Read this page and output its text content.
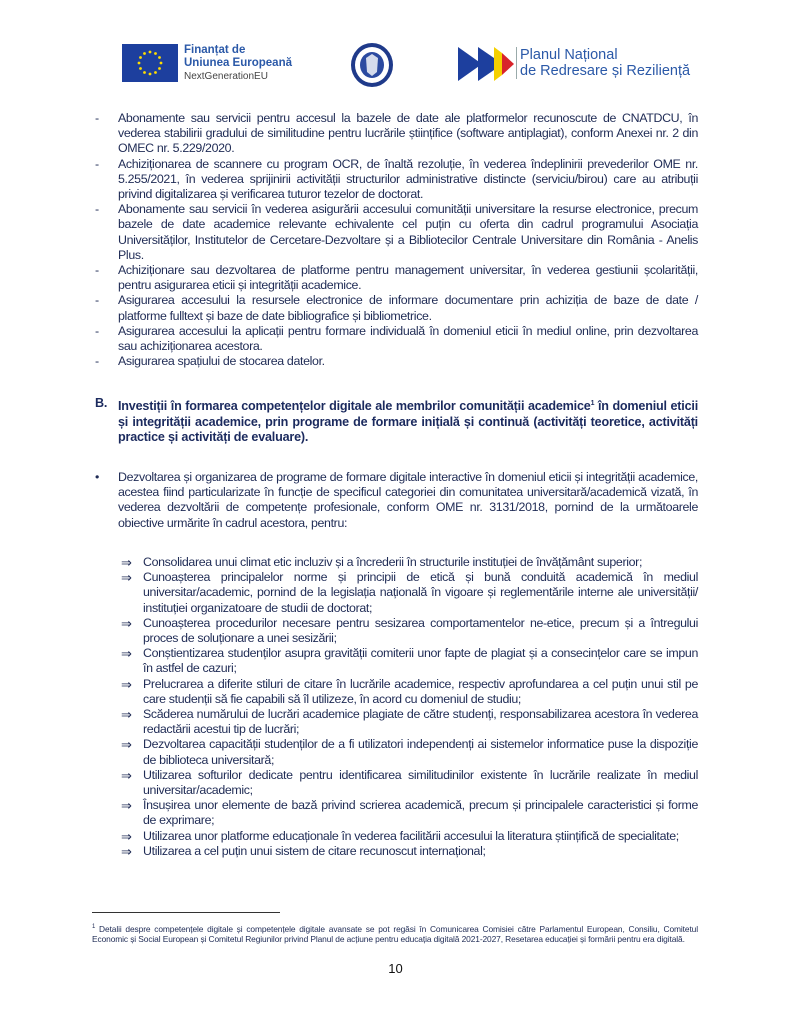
Finanțat de
Uniunea Europeană
NextGenerationEU
Planul Național
de Redresare și Reziliență
- Abonamente sau servicii pentru accesul la bazele de date ale platformelor recunoscute de CNATDCU, în vederea stabilirii gradului de similitudine pentru lucrările științifice (software antiplagiat), conform Anexei nr. 2 din OMEC nr. 5.229/2020.
- Achiziționarea de scannere cu program OCR, de înaltă rezoluție, în vederea îndeplinirii prevederilor OME nr. 5.255/2021, în vederea sprijinirii activității structurilor administrative distincte (serviciu/birou) care au atribuții privind digitalizarea și verificarea tuturor tezelor de doctorat.
- Abonamente sau servicii în vederea asigurării accesului comunității universitare la resurse electronice, precum bazele de date academice relevante echivalente cel puțin cu oferta din cadrul programului Asociația Universităților, Institutelor de Cercetare-Dezvoltare și a Bibliotecilor Centrale Universitare din România - Anelis Plus.
- Achiziționare sau dezvoltarea de platforme pentru management universitar, în vederea gestiunii școlarității, pentru asigurarea eticii și integrității academice.
- Asigurarea accesului la resursele electronice de informare documentare prin achiziția de baze de date / platforme fulltext și baze de date bibliografice și bibliometrice.
- Asigurarea accesului la aplicații pentru formare individuală în domeniul eticii în mediul online, prin dezvoltarea sau achiziționarea acestora.
- Asigurarea spațiului de stocarea datelor.
B. Investiții în formarea competențelor digitale ale membrilor comunității academice$^1$ în domeniul eticii și integrității academice, prin programe de formare inițială și continuă (activități teoretice, activități practice și activități de evaluare).
•	Dezvoltarea și organizarea de programe de formare digitale interactive în domeniul eticii și integrității academice, acestea fiind particularizate în funcție de specificul categoriei din comunitatea universitară/academică vizată, în vederea dezvoltării de competențe profesionale, conform OME nr. 3131/2018, pornind de la următoarele obiective urmărite în cadrul acestora, pentru:
⇒ Consolidarea unui climat etic incluziv și a încrederii în structurile instituției de învățământ superior;
⇒ Cunoașterea principalelor norme și principii de etică și bună conduită academică în mediul universitar/academic, pornind de la legislația națională în vigoare și reglementările interne ale universității/ instituției organizatoare de studii de doctorat;
⇒ Cunoașterea procedurilor necesare pentru sesizarea comportamentelor ne-etice, precum și a întregului proces de soluționare a unei sesizării;
⇒ Conștientizarea studenților asupra gravității comiterii unor fapte de plagiat și a consecințelor care se impun în astfel de cazuri;
⇒ Prelucrarea a diferite stiluri de citare în lucrările academice, respectiv aprofundarea a cel puțin unui stil pe care studenții să fie capabili să îl utilizeze, în acord cu domeniul de studiu;
⇒ Scăderea numărului de lucrări academice plagiate de către studenți, responsabilizarea acestora în vederea redactării acestui tip de lucrări;
⇒ Dezvoltarea capacității studenților de a fi utilizatori independenți ai sistemelor informatice puse la dispoziție de biblioteca universitară;
⇒ Utilizarea softurilor dedicate pentru identificarea similitudinilor existente în lucrările realizate în mediul universitar/academic;
⇒ Însușirea unor elemente de bază privind scrierea academică, precum și principalele caracteristici și forme de exprimare;
⇒ Utilizarea unor platforme educaționale în vederea facilitării accesului la literatura științifică de specialitate;
⇒ Utilizarea a cel puțin unui sistem de citare recunoscut internațional;
$^1$ Detalii despre competențele digitale și competențele digitale avansate se pot regăsi în Comunicarea Comisiei către Parlamentul European, Consiliu, Comitetul Economic și Social European și Comitetul Regiunilor privind Planul de acțiune pentru educația digitală 2021-2027, Resetarea educației și formării pentru era digitală.
10
